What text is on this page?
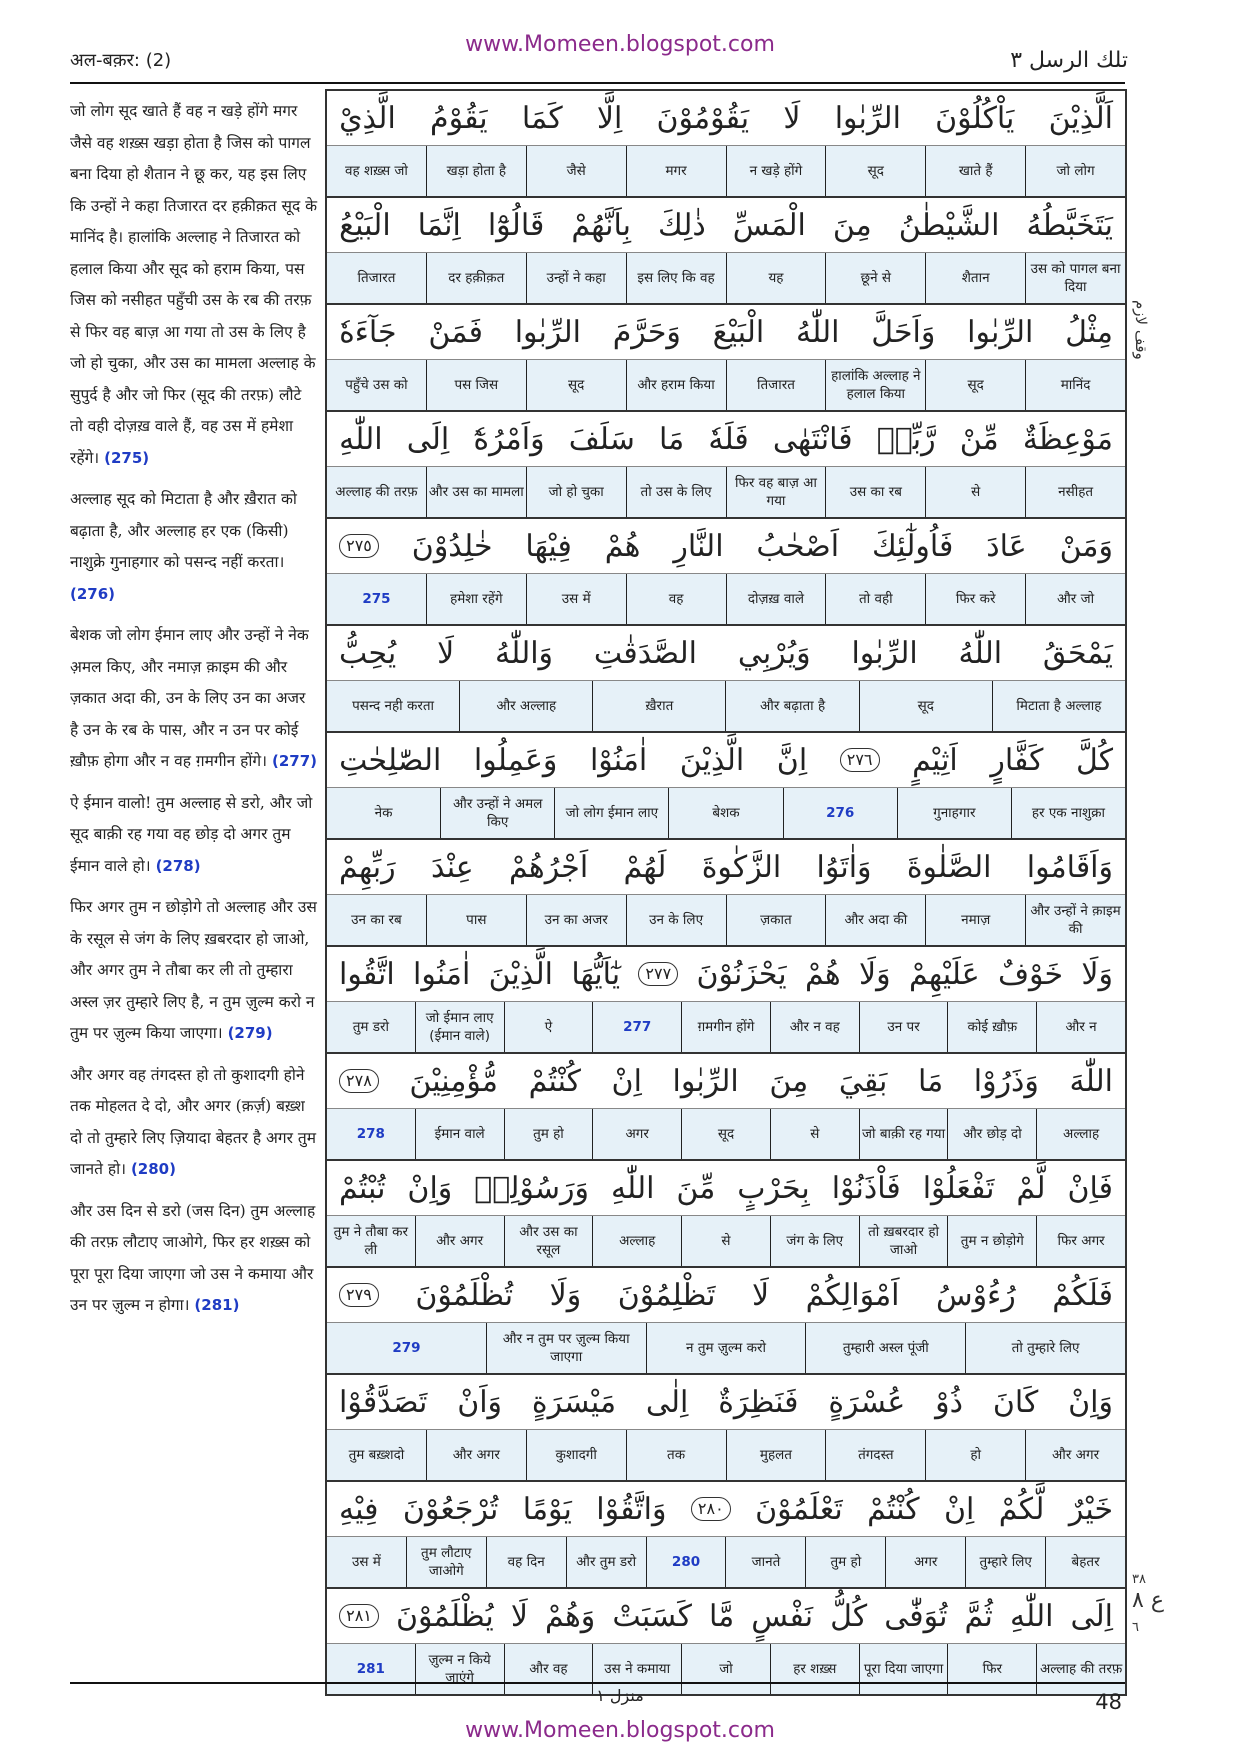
अल-बक़र: (2)
www.Momeen.blogspot.com
تلك الرسل ٣
जो लोग सूद खाते हैं वह न खड़े होंगे मगर जैसे वह शख़्स खड़ा होता है जिस को पागल बना दिया हो शैतान ने छू कर, यह इस लिए कि उन्हों ने कहा तिजारत दर हक़ीक़त सूद के मानिंद है। हालांकि अल्लाह ने तिजारत को हलाल किया और सूद को हराम किया, पस जिस को नसीहत पहुँची उस के रब की तरफ़ से फिर वह बाज़ आ गया तो उस के लिए है जो हो चुका, और उस का मामला अल्लाह के सुपुर्द है और जो फिर (सूद की तरफ़) लौटे तो वही दोज़ख़ वाले हैं, वह उस में हमेशा रहेंगे। (275)
अल्लाह सूद को मिटाता है और ख़ैरात को बढ़ाता है, और अल्लाह हर एक (किसी) नाशुक्रे गुनाहगार को पसन्द नहीं करता। (276)
बेशक जो लोग ईमान लाए और उन्हों ने नेक अ़मल किए, और नमाज़ क़ाइम की और ज़कात अदा की, उन के लिए उन का अजर है उन के रब के पास, और न उन पर कोई ख़ौफ़ होगा और न वह ग़मगीन होंगे। (277)
ऐ ईमान वालो! तुम अल्लाह से डरो, और जो सूद बाक़ी रह गया वह छोड़ दो अगर तुम ईमान वाले हो। (278)
फिर अगर तुम न छोड़ोगे तो अल्लाह और उस के रसूल से जंग के लिए ख़बरदार हो जाओ, और अगर तुम ने तौबा कर ली तो तुम्हारा अस्ल ज़र तुम्हारे लिए है, न तुम ज़ुल्म करो न तुम पर ज़ुल्म किया जाएगा। (279)
और अगर वह तंगदस्त हो तो कुशादगी होने तक मोहलत दे दो, और अगर (क़र्ज़) बख़्श दो तो तुम्हारे लिए ज़ियादा बेहतर है अगर तुम जानते हो। (280)
और उस दिन से डरो (जस दिन) तुम अल्लाह की तरफ़ लौटाए जाओगे, फिर हर शख़्स को पूरा पूरा दिया जाएगा जो उस ने कमाया और उन पर ज़ुल्म न होगा। (281)
اَلَّذِيْنَ
يَاْكُلُوْنَ
الرِّبٰوا
لَا
يَقُوْمُوْنَ
اِلَّا
كَمَا
يَقُوْمُ
الَّذِيْ
जो लोग
खाते हैं
सूद
न खड़े होंगे
मगर
जैसे
खड़ा होता है
वह शख़्स जो
يَتَخَبَّطُهُ
الشَّيْطٰنُ
مِنَ
الْمَسِّ
ذٰلِكَ
بِاَنَّهُمْ
قَالُوْٓا
اِنَّمَا
الْبَيْعُ
उस को पागल बना दिया
शैतान
छूने से
यह
इस लिए कि वह
उन्हों ने कहा
दर हक़ीक़त
तिजारत
مِثْلُ
الرِّبٰوا
وَاَحَلَّ
اللّٰهُ
الْبَيْعَ
وَحَرَّمَ
الرِّبٰوا
فَمَنْ
جَآءَهٗ
मानिंद
सूद
हालांकि अल्लाह ने हलाल किया
तिजारत
और हराम किया
सूद
पस जिस
पहुँचे उस को
مَوْعِظَةٌ
مِّنْ
رَّبِّهٖ
فَانْتَهٰى
فَلَهٗ
مَا
سَلَفَ
وَاَمْرُهٗٓ
اِلَى
اللّٰهِ
नसीहत
से
उस का रब
फिर वह बाज़ आ गया
तो उस के लिए
जो हो चुका
और उस का मामला
अल्लाह की तरफ़
وَمَنْ
عَادَ
فَاُولٰٓئِكَ
اَصْحٰبُ
النَّارِ
هُمْ
فِيْهَا
خٰلِدُوْنَ
٢٧٥
और जो
फिर करे
तो वही
दोज़ख़ वाले
वह
उस में
हमेशा रहेंगे
275
يَمْحَقُ
اللّٰهُ
الرِّبٰوا
وَيُرْبِي
الصَّدَقٰتِ
وَاللّٰهُ
لَا
يُحِبُّ
मिटाता है अल्लाह
सूद
और बढ़ाता है
ख़ैरात
और अल्लाह
पसन्द नही करता
كُلَّ
كَفَّارٍ
اَثِيْمٍ
٢٧٦
اِنَّ
الَّذِيْنَ
اٰمَنُوْا
وَعَمِلُوا
الصّٰلِحٰتِ
हर एक नाशुक्रा
गुनाहगार
276
बेशक
जो लोग ईमान लाए
और उन्हों ने अमल किए
नेक
وَاَقَامُوا
الصَّلٰوةَ
وَاٰتَوُا
الزَّكٰوةَ
لَهُمْ
اَجْرُهُمْ
عِنْدَ
رَبِّهِمْ
और उन्हों ने क़ाइम की
नमाज़
और अदा की
ज़कात
उन के लिए
उन का अजर
पास
उन का रब
وَلَا
خَوْفٌ
عَلَيْهِمْ
وَلَا
هُمْ
يَحْزَنُوْنَ
٢٧٧
يٰٓاَيُّهَا
الَّذِيْنَ
اٰمَنُوا
اتَّقُوا
और न
कोई ख़ौफ़
उन पर
और न वह
ग़मगीन होंगे
277
ऐ
जो ईमान लाए (ईमान वाले)
तुम डरो
اللّٰهَ
وَذَرُوْا
مَا
بَقِيَ
مِنَ
الرِّبٰوا
اِنْ
كُنْتُمْ
مُّؤْمِنِيْنَ
٢٧٨
अल्लाह
और छोड़ दो
जो बाक़ी रह गया
से
सूद
अगर
तुम हो
ईमान वाले
278
فَاِنْ
لَّمْ
تَفْعَلُوْا
فَاْذَنُوْا
بِحَرْبٍ
مِّنَ
اللّٰهِ
وَرَسُوْلِهٖ
وَاِنْ
تُبْتُمْ
फिर अगर
तुम न छोड़ोगे
तो ख़बरदार हो जाओ
जंग के लिए
से
अल्लाह
और उस का रसूल
और अगर
तुम ने तौबा कर ली
فَلَكُمْ
رُءُوْسُ
اَمْوَالِكُمْ
لَا
تَظْلِمُوْنَ
وَلَا
تُظْلَمُوْنَ
٢٧٩
तो तुम्हारे लिए
तुम्हारी अस्ल पूंजी
न तुम ज़ुल्म करो
और न तुम पर ज़ुल्म किया जाएगा
279
وَاِنْ
كَانَ
ذُوْ
عُسْرَةٍ
فَنَظِرَةٌ
اِلٰى
مَيْسَرَةٍ
وَاَنْ
تَصَدَّقُوْا
और अगर
हो
तंगदस्त
मुहलत
तक
कुशादगी
और अगर
तुम बख़्शदो
خَيْرٌ
لَّكُمْ
اِنْ
كُنْتُمْ
تَعْلَمُوْنَ
٢٨٠
وَاتَّقُوْا
يَوْمًا
تُرْجَعُوْنَ
فِيْهِ
बेहतर
तुम्हारे लिए
अगर
तुम हो
जानते
280
और तुम डरो
वह दिन
तुम लौटाए जाओगे
उस में
اِلَى
اللّٰهِ
ثُمَّ
تُوَفّٰى
كُلُّ
نَفْسٍ
مَّا
كَسَبَتْ
وَهُمْ
لَا
يُظْلَمُوْنَ
٢٨١
अल्लाह की तरफ़
फिर
पूरा दिया जाएगा
हर शख़्स
जो
उस ने कमाया
और वह
ज़ुल्म न किये जाएंगे
281
وقف لازم
٣٨
ع ٨
٦
منزل ١	48
www.Momeen.blogspot.com
